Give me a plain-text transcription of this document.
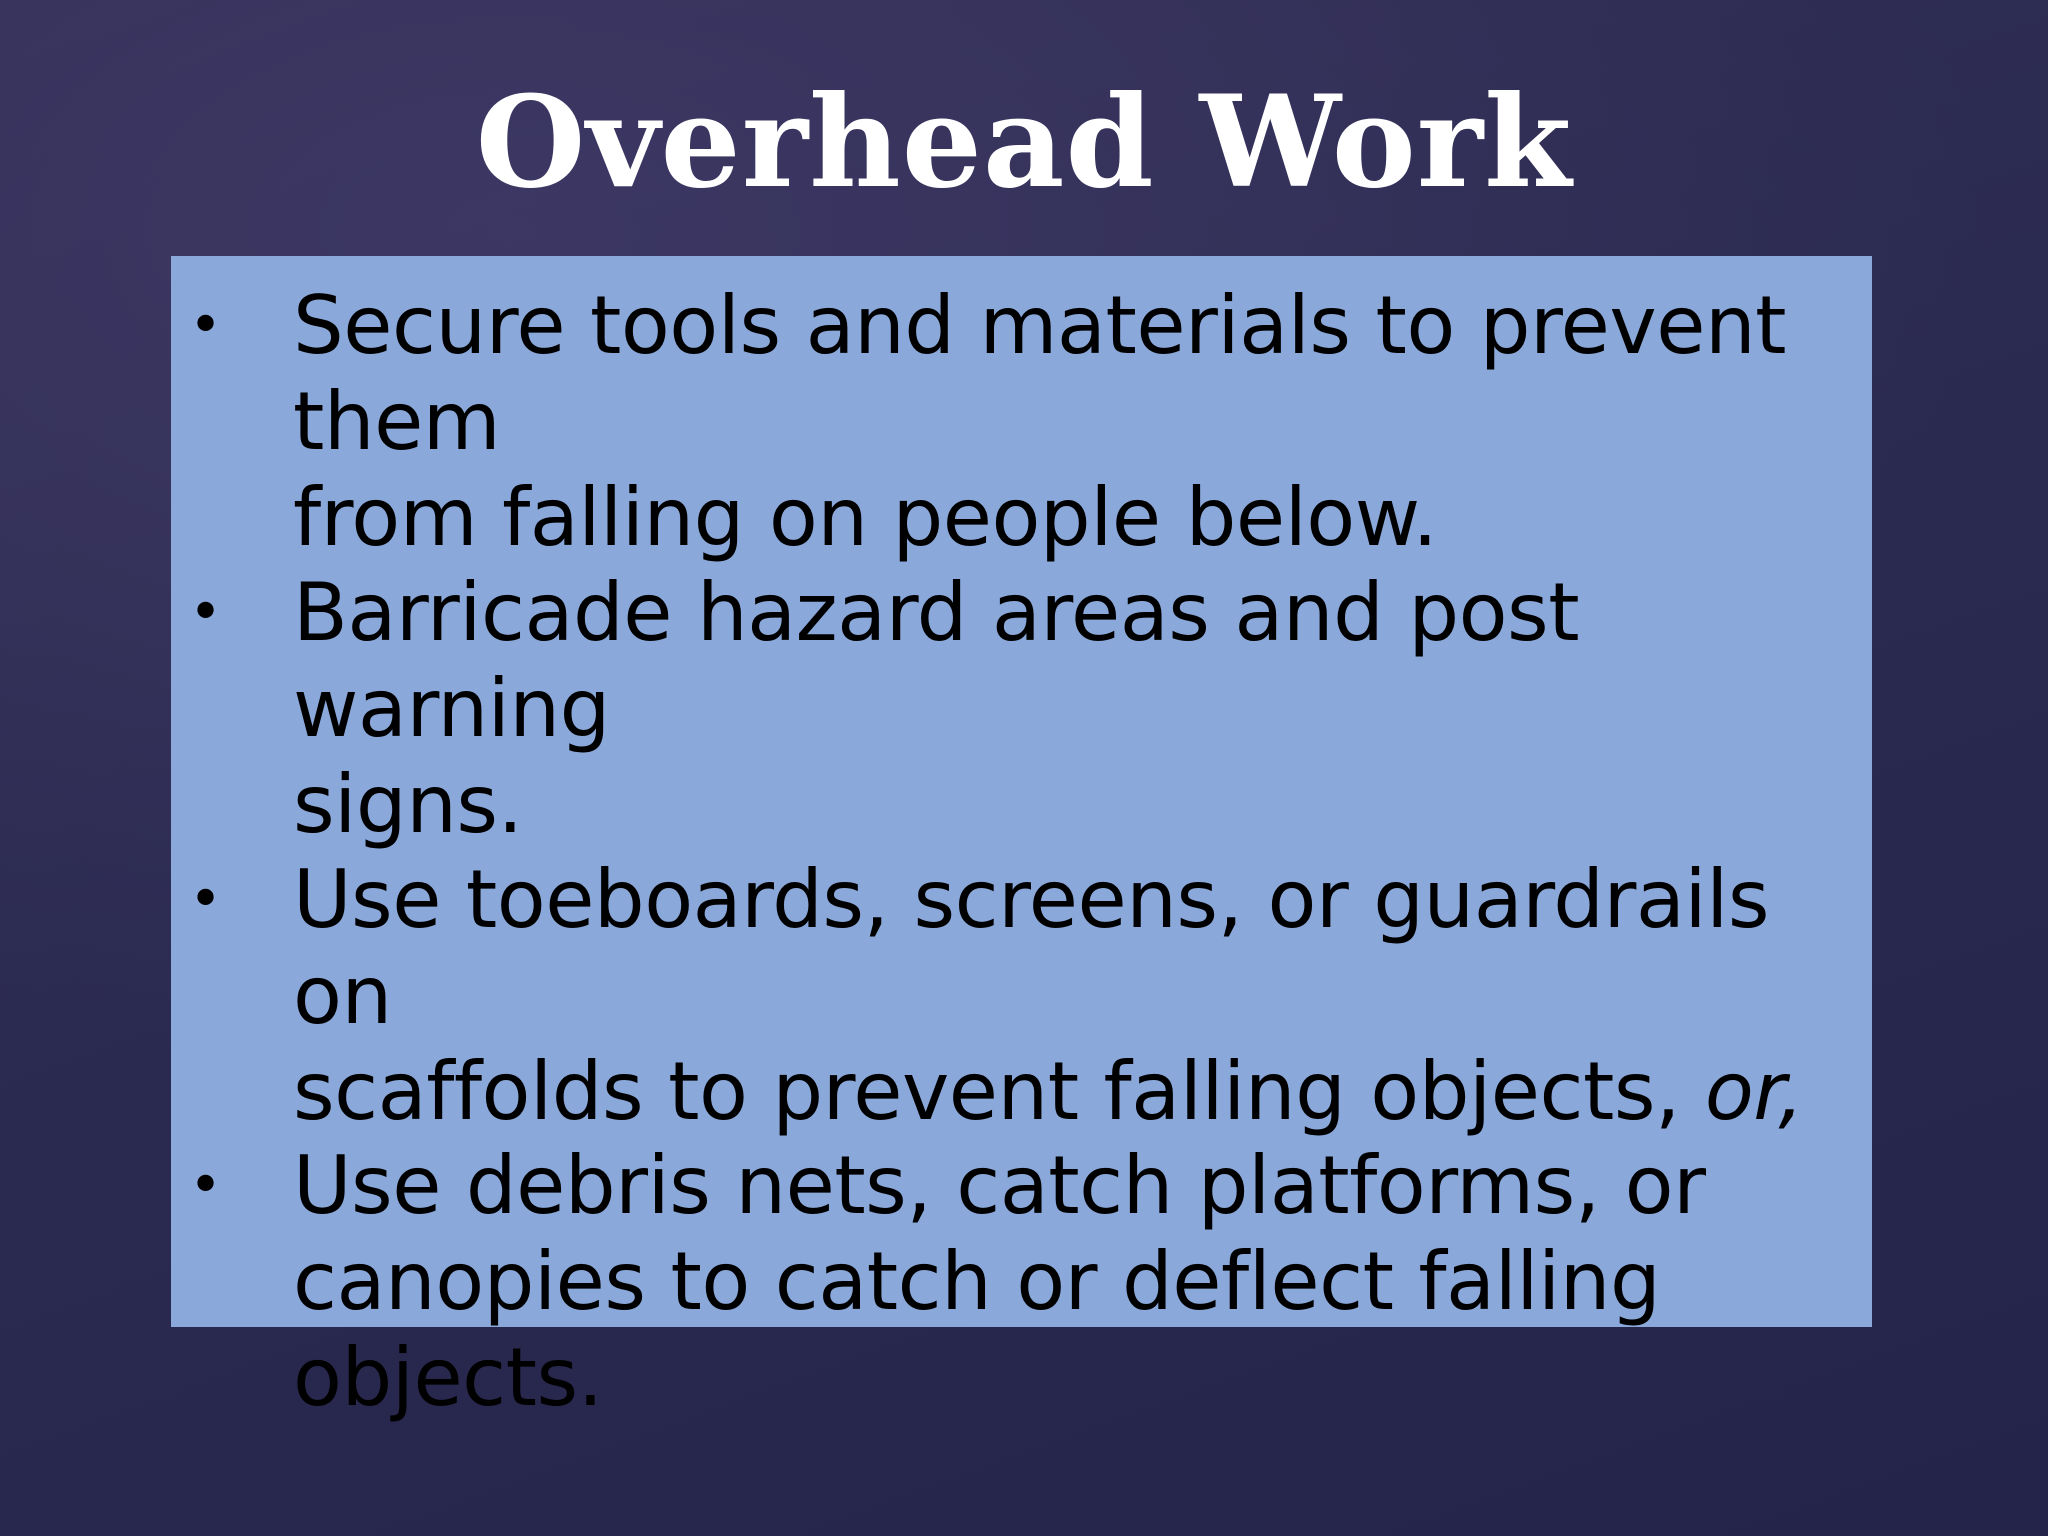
Overhead Work
• Secure tools and materials to prevent them
from falling on people below.
• Barricade hazard areas and post warning
signs.
• Use toeboards, screens, or guardrails on
scaffolds to prevent falling objects, or,
• Use debris nets, catch platforms, or
canopies to catch or deflect falling objects.
